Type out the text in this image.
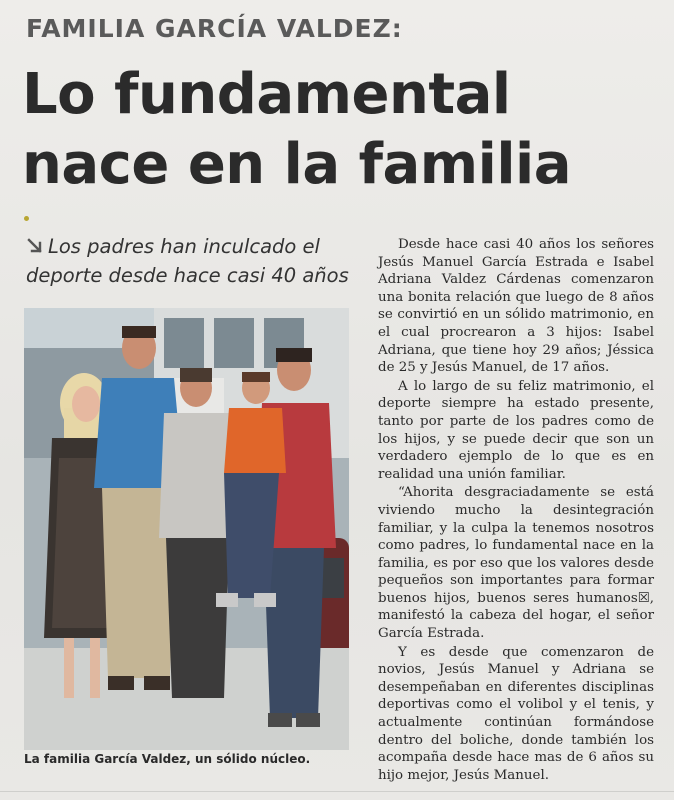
FAMILIA GARCÍA VALDEZ:
Lo fundamental
nace en la familia
Los padres han inculcado el deporte desde hace casi 40 años
La familia García Valdez, un sólido núcleo.

Desde hace casi 40 años los señores Jesús Manuel García Estrada e Isabel Adriana Valdez Cárdenas comenzaron una bonita relación que luego de 8 años se convirtió en un sólido matrimonio, en el cual procrearon a 3 hijos: Isabel Adriana, que tiene hoy 29 años; Jéssica de 25 y Jesús Manuel, de 17 años.

A lo largo de su feliz matrimonio, el deporte siempre ha estado presente, tanto por parte de los padres como de los hijos, y se puede decir que son un verdadero ejemplo de lo que es en realidad una unión familiar.

“Ahorita desgraciadamente se está viviendo mucho la desintegración familiar, y la culpa la tenemos nosotros como padres, lo fundamental nace en la familia, es por eso que los valores desde pequeños son importantes para formar buenos hijos, buenos seres humanos☒, manifestó la cabeza del hogar, el señor García Estrada.

Y es desde que comenzaron de novios, Jesús Manuel y Adriana se desempeñaban en diferentes disciplinas deportivas como el volibol y el tenis, y actualmente continúan formándose dentro del boliche, donde también los acompaña desde hace mas de 6 años su hijo mejor, Jesús Manuel.
